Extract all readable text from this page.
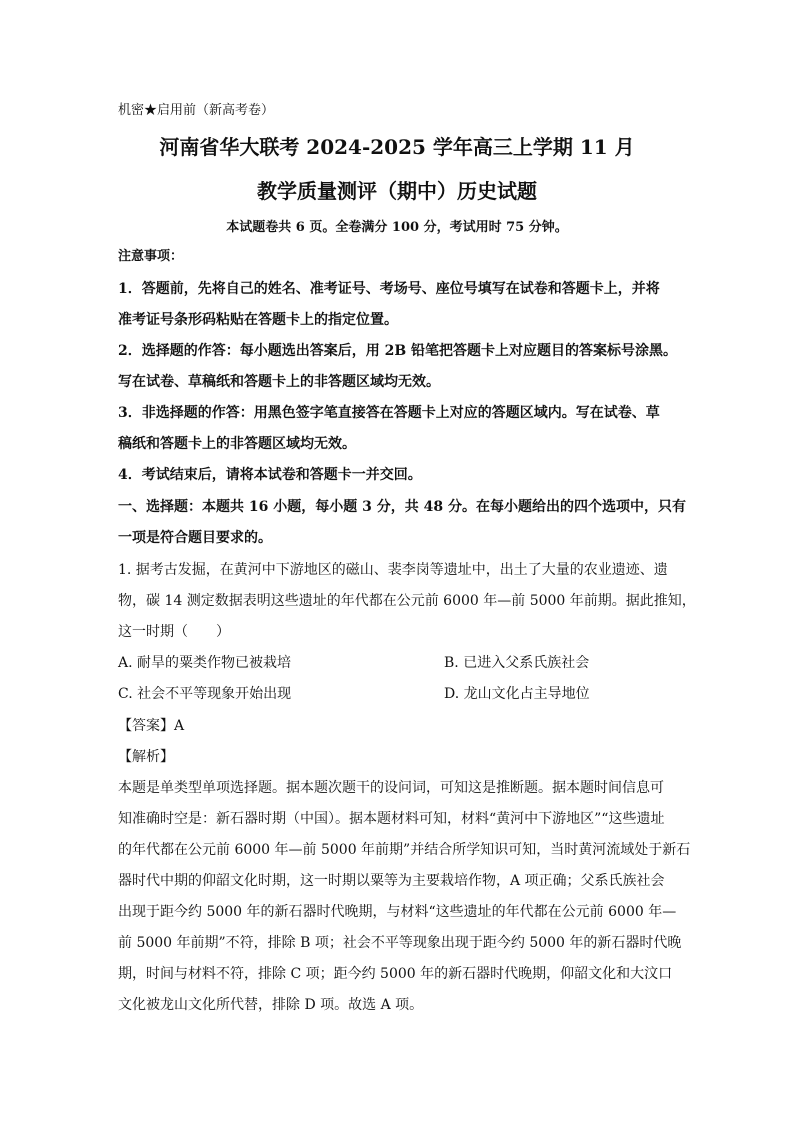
机密★启用前（新高考卷）
河南省华大联考 2024-2025 学年高三上学期 11 月
教学质量测评（期中）历史试题
本试题卷共 6 页。全卷满分 100 分，考试用时 75 分钟。
注意事项：
1．答题前，先将自己的姓名、准考证号、考场号、座位号填写在试卷和答题卡上，并将
准考证号条形码粘贴在答题卡上的指定位置。
2．选择题的作答：每小题选出答案后，用 2B 铅笔把答题卡上对应题目的答案标号涂黑。
写在试卷、草稿纸和答题卡上的非答题区域均无效。
3．非选择题的作答：用黑色签字笔直接答在答题卡上对应的答题区域内。写在试卷、草
稿纸和答题卡上的非答题区域均无效。
4．考试结束后，请将本试卷和答题卡一并交回。
一、选择题：本题共 16 小题，每小题 3 分，共 48 分。在每小题给出的四个选项中，只有
一项是符合题目要求的。
1. 据考古发掘，在黄河中下游地区的磁山、裴李岗等遗址中，出土了大量的农业遗迹、遗
物，碳 14 测定数据表明这些遗址的年代都在公元前 6000 年—前 5000 年前期。据此推知，
这一时期（　　）
A. 耐旱的粟类作物已被栽培	B. 已进入父系氏族社会
C. 社会不平等现象开始出现	D. 龙山文化占主导地位
【答案】A
【解析】
本题是单类型单项选择题。据本题次题干的设问词，可知这是推断题。据本题时间信息可
知准确时空是：新石器时期（中国）。据本题材料可知，材料“黄河中下游地区”“这些遗址
的年代都在公元前 6000 年—前 5000 年前期”并结合所学知识可知，当时黄河流域处于新石
器时代中期的仰韶文化时期，这一时期以粟等为主要栽培作物，A 项正确；父系氏族社会
出现于距今约 5000 年的新石器时代晚期，与材料“这些遗址的年代都在公元前 6000 年—
前 5000 年前期”不符，排除 B 项；社会不平等现象出现于距今约 5000 年的新石器时代晚
期，时间与材料不符，排除 C 项；距今约 5000 年的新石器时代晚期，仰韶文化和大汶口
文化被龙山文化所代替，排除 D 项。故选 A 项。
